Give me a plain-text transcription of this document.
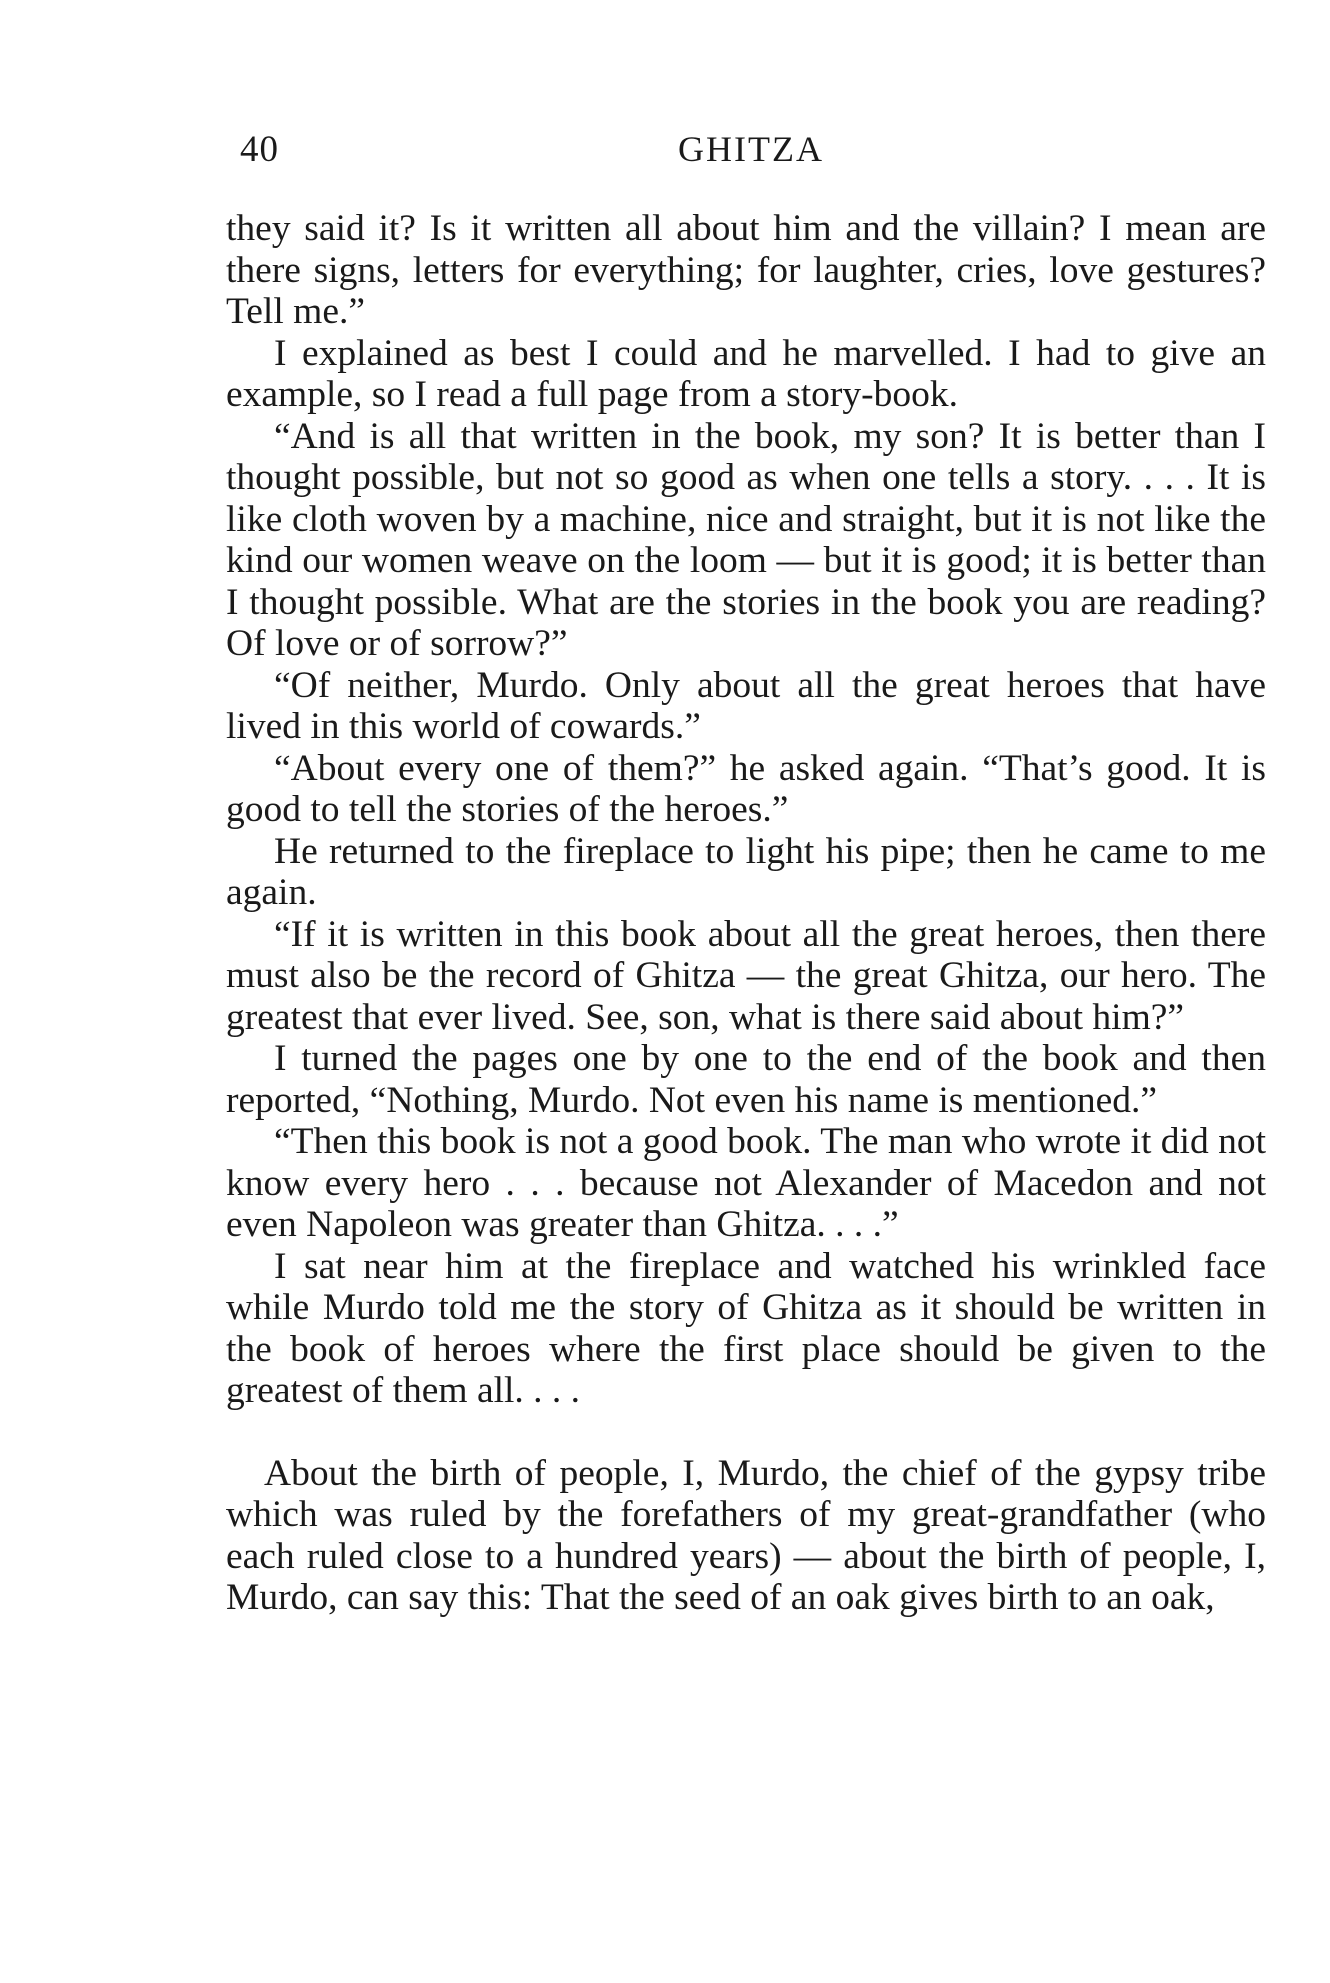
40	GHITZA

they said it? Is it written all about him and the villain? I mean are there signs, letters for everything; for laughter, cries, love gestures? Tell me.”

I explained as best I could and he marvelled. I had to give an example, so I read a full page from a story-book.

“And is all that written in the book, my son? It is better than I thought possible, but not so good as when one tells a story. . . . It is like cloth woven by a machine, nice and straight, but it is not like the kind our women weave on the loom — but it is good; it is better than I thought possible. What are the stories in the book you are reading? Of love or of sorrow?”

“Of neither, Murdo. Only about all the great heroes that have lived in this world of cowards.”

“About every one of them?” he asked again. “That’s good. It is good to tell the stories of the heroes.”

He returned to the fireplace to light his pipe; then he came to me again.

“If it is written in this book about all the great heroes, then there must also be the record of Ghitza — the great Ghitza, our hero. The greatest that ever lived. See, son, what is there said about him?”

I turned the pages one by one to the end of the book and then reported, “Nothing, Murdo. Not even his name is mentioned.”

“Then this book is not a good book. The man who wrote it did not know every hero . . . because not Alexander of Macedon and not even Napoleon was greater than Ghitza. . . .”

I sat near him at the fireplace and watched his wrinkled face while Murdo told me the story of Ghitza as it should be written in the book of heroes where the first place should be given to the greatest of them all. . . .

About the birth of people, I, Murdo, the chief of the gypsy tribe which was ruled by the forefathers of my great-grandfather (who each ruled close to a hundred years) — about the birth of people, I, Murdo, can say this: That the seed of an oak gives birth to an oak,
